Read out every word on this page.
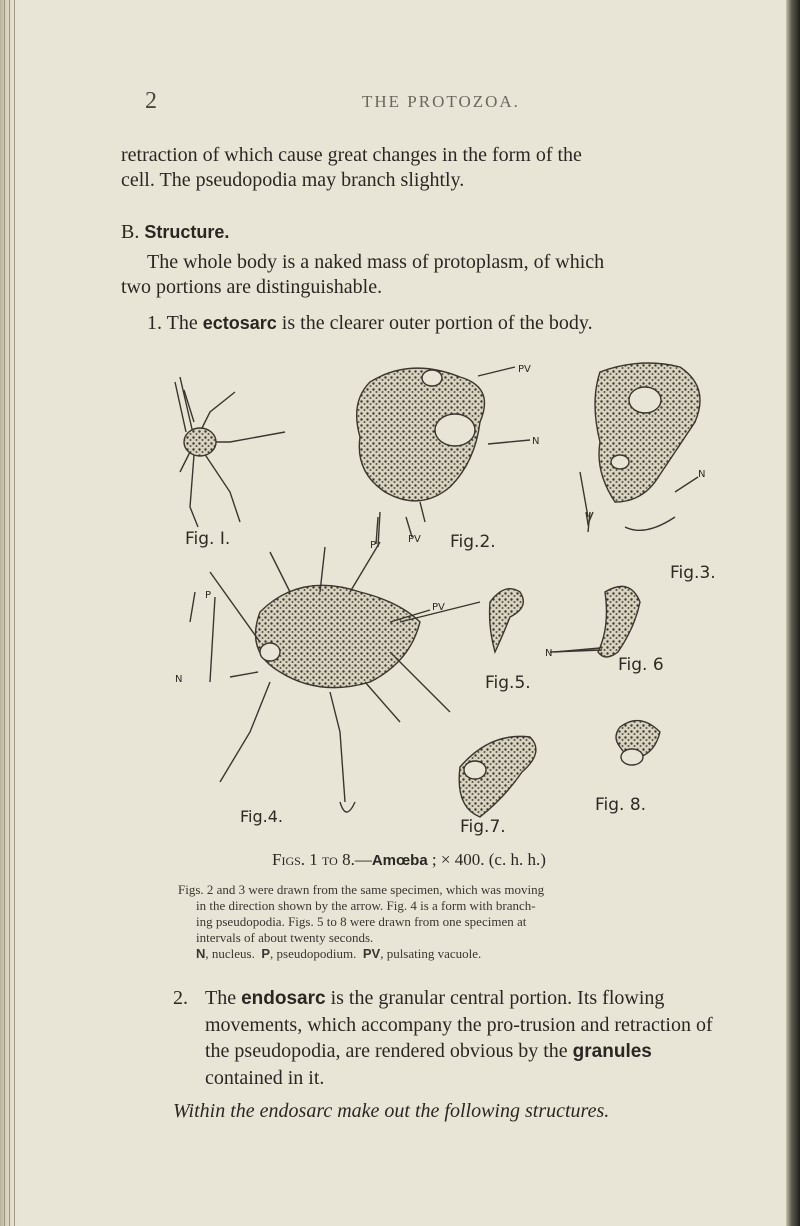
2	THE PROTOZOA.

retraction of which cause great changes in the form of the
cell. The pseudopodia may branch slightly.

B. Structure.

The whole body is a naked mass of protoplasm, of which
two portions are distinguishable.

1. The ectosarc is the clearer outer portion of the body.

Fig. I.	Fig.2.
Fig.3.
Fig.4.
Fig.5.
Fig. 6
Fig.7.
Fig. 8.
PV
N
P
PV
N
P
PV
N
N
Figs. 1 to 8.—Amœba ; × 400. (c. h. h.)

Figs. 2 and 3 were drawn from the same specimen, which was moving
in the direction shown by the arrow. Fig. 4 is a form with branch-
ing pseudopodia. Figs. 5 to 8 were drawn from one specimen at
intervals of about twenty seconds.
N, nucleus. P, pseudopodium. PV, pulsating vacuole.

2. The endosarc is the granular central portion. Its flowing movements, which accompany the pro-trusion and retraction of the pseudopodia, are rendered obvious by the granules contained in it.
Within the endosarc make out the following structures.
